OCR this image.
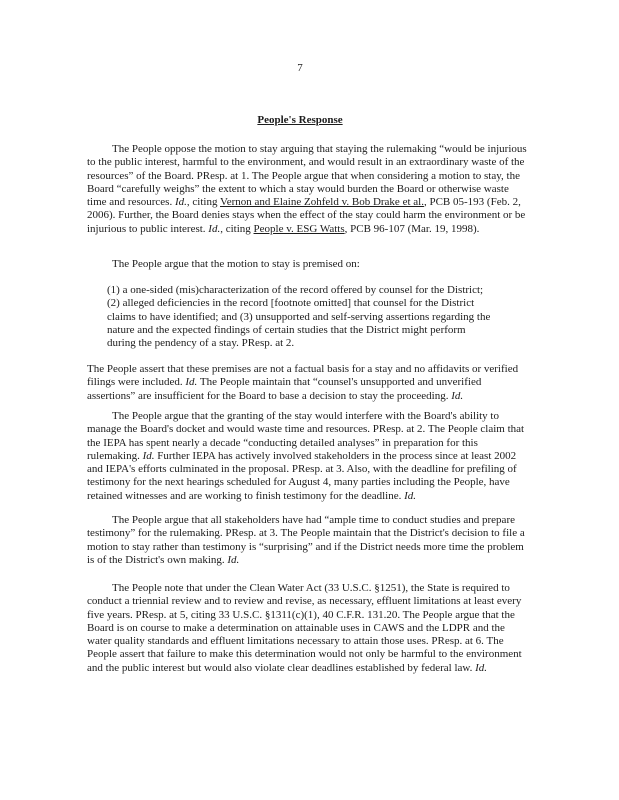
7
People's Response

The People oppose the motion to stay arguing that staying the rulemaking “would be injurious to the public interest, harmful to the environment, and would result in an extraordinary waste of the resources” of the Board. PResp. at 1. The People argue that when considering a motion to stay, the Board “carefully weighs” the extent to which a stay would burden the Board or otherwise waste time and resources. Id., citing Vernon and Elaine Zohfeld v. Bob Drake et al., PCB 05-193 (Feb. 2, 2006). Further, the Board denies stays when the effect of the stay could harm the environment or be injurious to public interest. Id., citing People v. ESG Watts, PCB 96-107 (Mar. 19, 1998).

The People argue that the motion to stay is premised on:

(1) a one-sided (mis)characterization of the record offered by counsel for the District; (2) alleged deficiencies in the record [footnote omitted] that counsel for the District claims to have identified; and (3) unsupported and self-serving assertions regarding the nature and the expected findings of certain studies that the District might perform during the pendency of a stay. PResp. at 2.

The People assert that these premises are not a factual basis for a stay and no affidavits or verified filings were included. Id. The People maintain that “counsel's unsupported and unverified assertions” are insufficient for the Board to base a decision to stay the proceeding. Id.

The People argue that the granting of the stay would interfere with the Board's ability to manage the Board's docket and would waste time and resources. PResp. at 2. The People claim that the IEPA has spent nearly a decade “conducting detailed analyses” in preparation for this rulemaking. Id. Further IEPA has actively involved stakeholders in the process since at least 2002 and IEPA's efforts culminated in the proposal. PResp. at 3. Also, with the deadline for prefiling of testimony for the next hearings scheduled for August 4, many parties including the People, have retained witnesses and are working to finish testimony for the deadline. Id.

The People argue that all stakeholders have had “ample time to conduct studies and prepare testimony” for the rulemaking. PResp. at 3. The People maintain that the District's decision to file a motion to stay rather than testimony is “surprising” and if the District needs more time the problem is of the District's own making. Id.

The People note that under the Clean Water Act (33 U.S.C. §1251), the State is required to conduct a triennial review and to review and revise, as necessary, effluent limitations at least every five years. PResp. at 5, citing 33 U.S.C. §1311(c)(1), 40 C.F.R. 131.20. The People argue that the Board is on course to make a determination on attainable uses in CAWS and the LDPR and the water quality standards and effluent limitations necessary to attain those uses. PResp. at 6. The People assert that failure to make this determination would not only be harmful to the environment and the public interest but would also violate clear deadlines established by federal law. Id.
